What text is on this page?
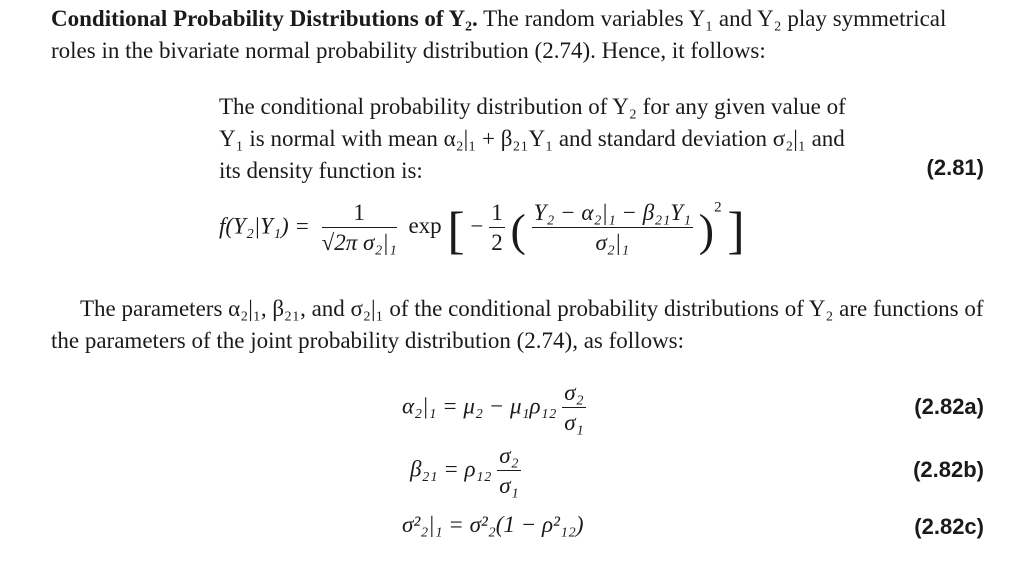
Conditional Probability Distributions of Y₂. The random variables Y₁ and Y₂ play symmetrical roles in the bivariate normal probability distribution (2.74). Hence, it follows:
The conditional probability distribution of Y₂ for any given value of Y₁ is normal with mean α₂|₁ + β₂₁Y₁ and standard deviation σ₂|₁ and its density function is:	(2.81)
$f(Y_2|Y_1) = \frac{1}{\text{√2π σ₂|₁}}$ exp [ − $\frac{1}{2}$ ( $\frac{\text{Y₂ − α₂|₁ − β₂₁Y₁}}{\text{σ₂|₁}} )^2$ ]
The parameters α₂|₁, β₂₁, and σ₂|₁ of the conditional probability distributions of Y₂ are functions of the parameters of the joint probability distribution (2.74), as follows:
$\alpha_2|_1 = \mu_2 - \mu_1\rho_{12} \frac{\text{σ₂}}{\text{σ₁}}$	(2.82a)
$\beta_{21} = \rho_{12} \frac{\text{σ₂}}{\text{σ₁}}$	(2.82b)
σ²₂|₁ = σ²₂(1 − ρ²₁₂)	(2.82c)
